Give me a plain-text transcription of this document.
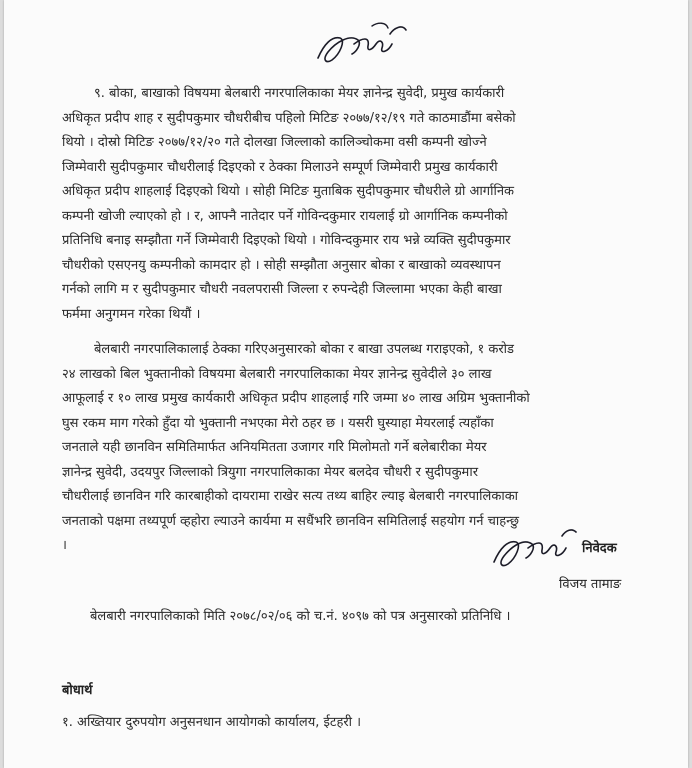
९. बोका, बाखाको विषयमा बेलबारी नगरपालिकाका मेयर ज्ञानेन्द्र सुवेदी, प्रमुख कार्यकारी
अधिकृत प्रदीप शाह र सुदीपकुमार चौधरीबीच पहिलो मिटिङ २०७७/१२/१९ गते काठमाडौंमा बसेको
थियो । दोस्रो मिटिङ २०७७/१२/२० गते दोलखा जिल्लाको कालिञ्चोकमा वसी कम्पनी खोज्ने
जिम्मेवारी सुदीपकुमार चौधरीलाई दिइएको र ठेक्का मिलाउने सम्पूर्ण जिम्मेवारी प्रमुख कार्यकारी
अधिकृत प्रदीप शाहलाई दिइएको थियो । सोही मिटिङ मुताबिक सुदीपकुमार चौधरीले ग्रो आर्गानिक
कम्पनी खोजी ल्याएको हो । र, आफ्नै नातेदार पर्ने गोविन्दकुमार रायलाई ग्रो आर्गानिक कम्पनीको
प्रतिनिधि बनाइ सम्झौता गर्ने जिम्मेवारी दिइएको थियो । गोविन्दकुमार राय भन्ने व्यक्ति सुदीपकुमार
चौधरीको एसएनयु कम्पनीको कामदार हो । सोही सम्झौता अनुसार बोका र बाखाको व्यवस्थापन
गर्नको लागि म र सुदीपकुमार चौधरी नवलपरासी जिल्ला र रुपन्देही जिल्लामा भएका केही बाखा
फर्ममा अनुगमन गरेका थियौं ।
बेलबारी नगरपालिकालाई ठेक्का गरिएअनुसारको बोका र बाखा उपलब्ध गराइएको, १ करोड
२४ लाखको बिल भुक्तानीको विषयमा बेलबारी नगरपालिकाका मेयर ज्ञानेन्द्र सुवेदीले ३० लाख
आफूलाई र १० लाख प्रमुख कार्यकारी अधिकृत प्रदीप शाहलाई गरि जम्मा ४० लाख अग्रिम भुक्तानीको
घुस रकम माग गरेको हुँदा यो भुक्तानी नभएका मेरो ठहर छ । यसरी घुस्याहा मेयरलाई त्यहाँका
जनताले यही छानविन समितिमार्फत अनियमितता उजागर गरि मिलोमतो गर्ने बलेबारीका मेयर
ज्ञानेन्द्र सुवेदी, उदयपुर जिल्लाको त्रियुगा नगरपालिकाका मेयर बलदेव चौधरी र सुदीपकुमार
चौधरीलाई छानविन गरि कारबाहीको दायरामा राखेर सत्य तथ्य बाहिर ल्याइ बेलबारी नगरपालिकाका
जनताको पक्षमा तथ्यपूर्ण व्हहोरा ल्याउने कार्यमा म सधैंभरि छानविन समितिलाई सहयोग गर्न चाहन्छु
।	निवेदक
विजय तामाङ
बेलबारी नगरपालिकाको मिति २०७८/०२/०६ को च.नं. ४०९७ को पत्र अनुसारको प्रतिनिधि ।
बोधार्थ
१. अख्तियार दुरुपयोग अनुसनधान आयोगको कार्यालय, ईटहरी ।
